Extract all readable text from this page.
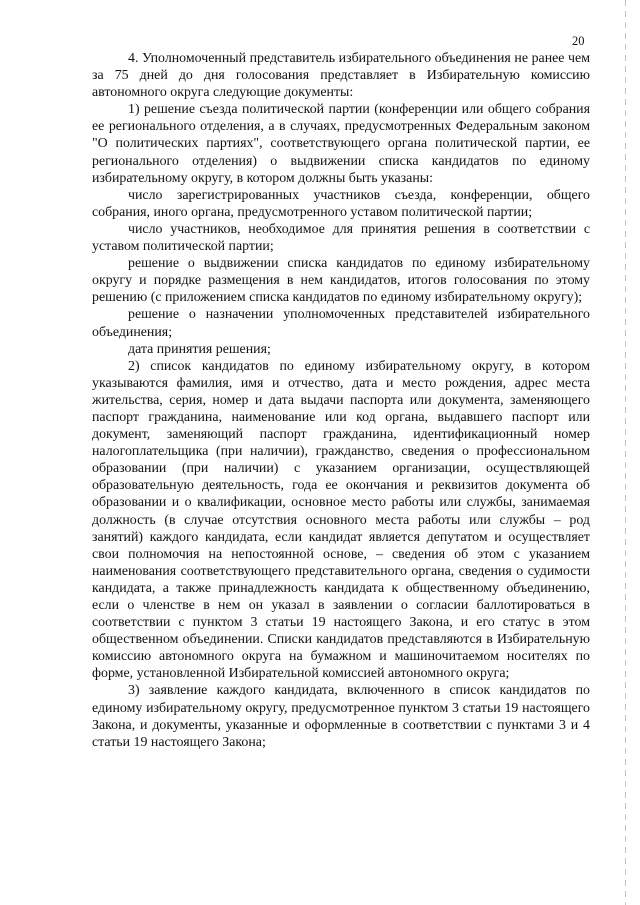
20

4. Уполномоченный представитель избирательного объединения не ранее чем за 75 дней до дня голосования представляет в Избирательную комиссию автономного округа следующие документы:

1) решение съезда политической партии (конференции или общего собрания ее регионального отделения, а в случаях, предусмотренных Федеральным законом "О политических партиях", соответствующего органа политической партии, ее регионального отделения) о выдвижении списка кандидатов по единому избирательному округу, в котором должны быть указаны:

число зарегистрированных участников съезда, конференции, общего собрания, иного органа, предусмотренного уставом политической партии;

число участников, необходимое для принятия решения в соответствии с уставом политической партии;

решение о выдвижении списка кандидатов по единому избирательному округу и порядке размещения в нем кандидатов, итогов голосования по этому решению (с приложением списка кандидатов по единому избирательному округу);

решение о назначении уполномоченных представителей избирательного объединения;

дата принятия решения;

2) список кандидатов по единому избирательному округу, в котором указываются фамилия, имя и отчество, дата и место рождения, адрес места жительства, серия, номер и дата выдачи паспорта или документа, заменяющего паспорт гражданина, наименование или код органа, выдавшего паспорт или документ, заменяющий паспорт гражданина, идентификационный номер налогоплательщика (при наличии), гражданство, сведения о профессиональном образовании (при наличии) с указанием организации, осуществляющей образовательную деятельность, года ее окончания и реквизитов документа об образовании и о квалификации, основное место работы или службы, занимаемая должность (в случае отсутствия основного места работы или службы – род занятий) каждого кандидата, если кандидат является депутатом и осуществляет свои полномочия на непостоянной основе, – сведения об этом с указанием наименования соответствующего представительного органа, сведения о судимости кандидата, а также принадлежность кандидата к общественному объединению, если о членстве в нем он указал в заявлении о согласии баллотироваться в соответствии с пунктом 3 статьи 19 настоящего Закона, и его статус в этом общественном объединении. Списки кандидатов представляются в Избирательную комиссию автономного округа на бумажном и машиночитаемом носителях по форме, установленной Избирательной комиссией автономного округа;

3) заявление каждого кандидата, включенного в список кандидатов по единому избирательному округу, предусмотренное пунктом 3 статьи 19 настоящего Закона, и документы, указанные и оформленные в соответствии с пунктами 3 и 4 статьи 19 настоящего Закона;
